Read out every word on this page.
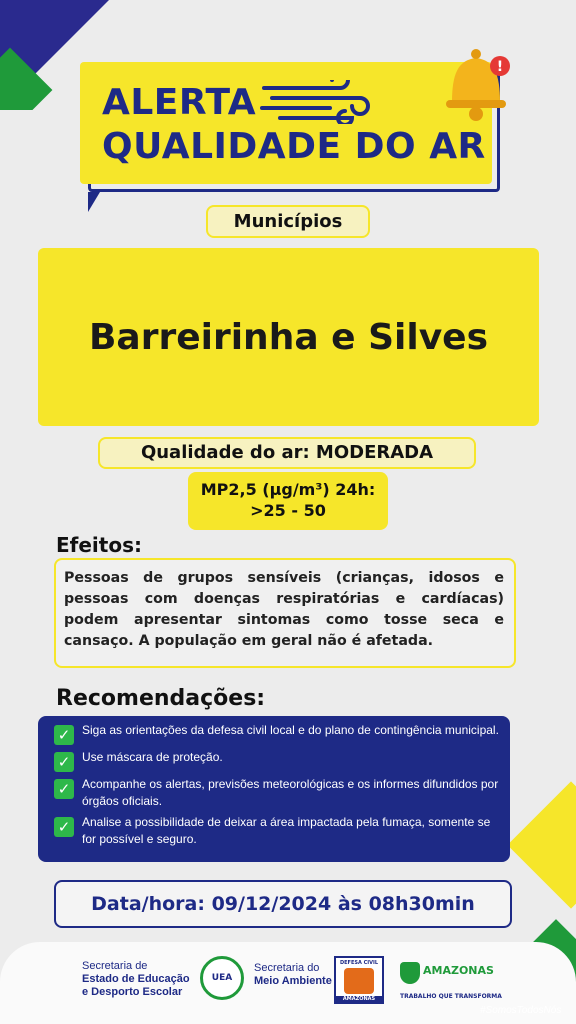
ALERTA
QUALIDADE DO AR
!
Municípios
Barreirinha e Silves
Qualidade do ar: MODERADA
MP2,5 (μg/m³) 24h:
>25 - 50
Efeitos:
Pessoas de grupos sensíveis (crianças, idosos e pessoas com doenças respiratórias e cardíacas) podem apresentar sintomas como tosse seca e cansaço. A população em geral não é afetada.
Recomendações:
✓ Siga as orientações da defesa civil local e do plano de contingência municipal.
✓ Use máscara de proteção.
✓ Acompanhe os alertas, previsões meteorológicas e os informes difundidos por órgãos oficiais.
✓ Analise a possibilidade de deixar a área impactada pela fumaça, somente se for possível e seguro.
Data/hora: 09/12/2024 às 08h30min
Secretaria de
Estado de Educação
e Desporto Escolar
UEA
Secretaria do
Meio Ambiente
DEFESA CIVIL
AMAZONAS
AMAZONAS
TRABALHO QUE TRANSFORMA
#SomosTodosNós
